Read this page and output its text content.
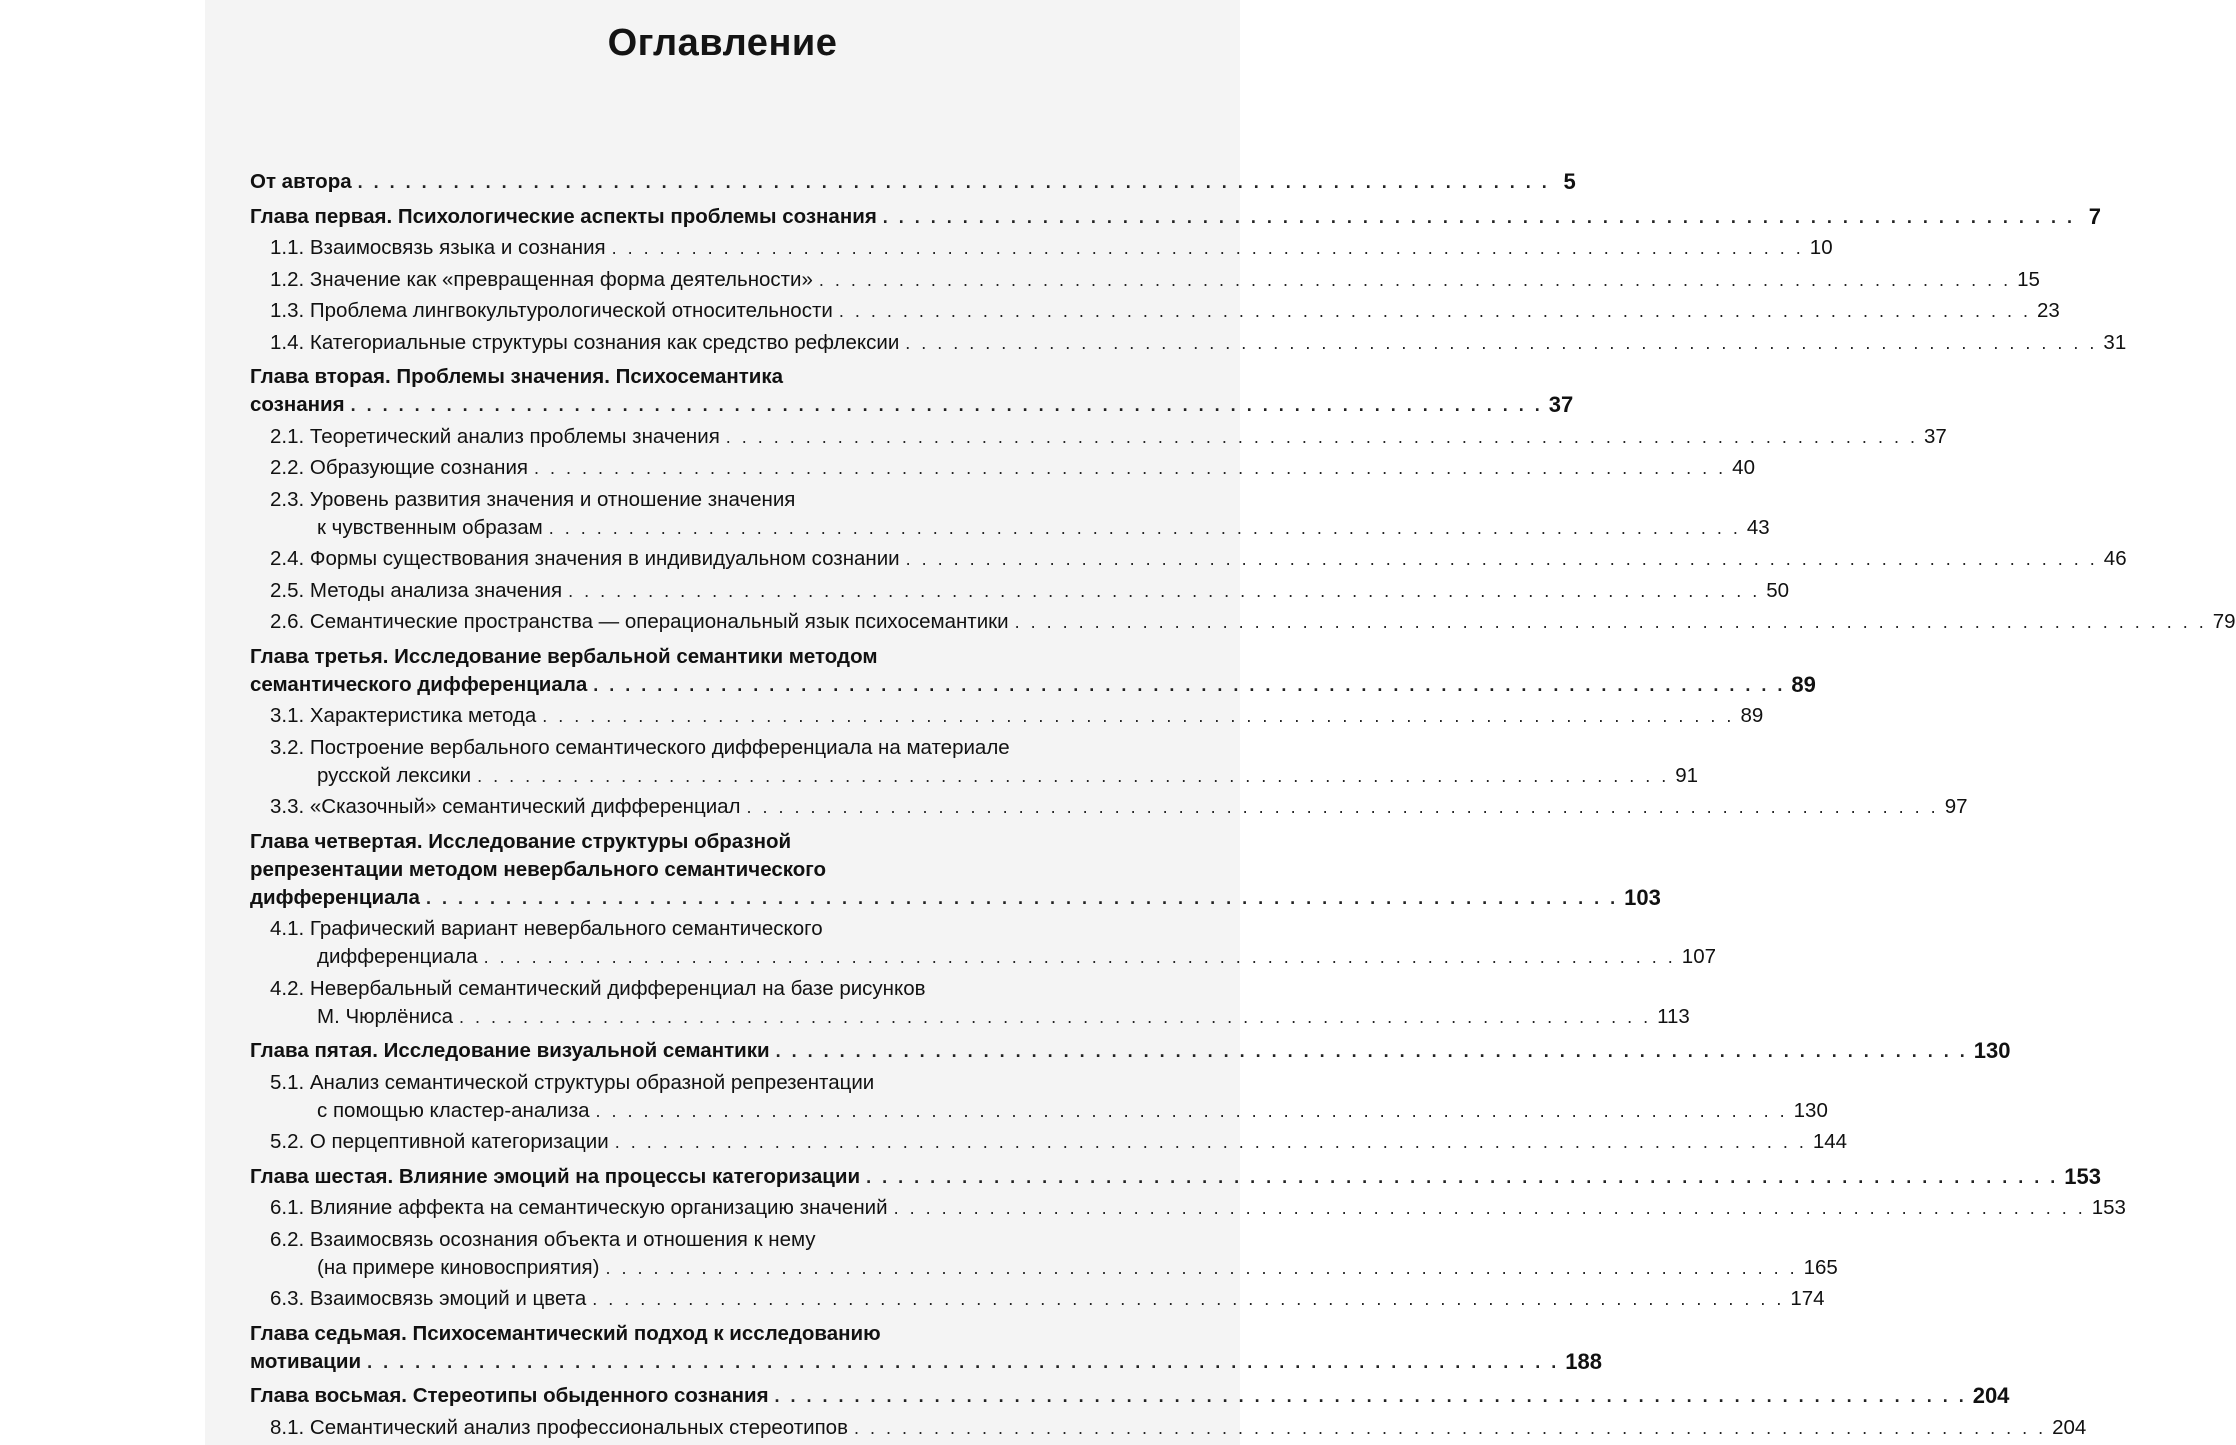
Оглавление
От автора . . . . . . . . . . . . . . . . . . . . . . . . . . . . . . . . . . . . . . . . . . . . . . . . . . . . . . . . . . . . . . . . . . . . . . . . . . . 5
Глава первая. Психологические аспекты проблемы сознания . . . . . . . . . . . . . . . . . . . . . . . . . . . . . . . . . . . . . . . . . . . . . . . . . . . . . . . . . . . . . . . . . . . . . . . . . . . 7
1.1. Взаимосвязь языка и сознания . . . . . . . . . . . . . . . . . . . . . . . . . . . . . . . . . . . . . . . . . . . . . . . . . . . . . . . . . . . . . . . . . . . . . . . . . . . 10
1.2. Значение как «превращенная форма деятельности» . . . . . . . . . . . . . . . . . . . . . . . . . . . . . . . . . . . . . . . . . . . . . . . . . . . . . . . . . . . . . . . . . . . . . . . . . . . 15
1.3. Проблема лингвокультурологической относительности . . . . . . . . . . . . . . . . . . . . . . . . . . . . . . . . . . . . . . . . . . . . . . . . . . . . . . . . . . . . . . . . . . . . . . . . . . . 23
1.4. Категориальные структуры сознания как средство рефлексии . . . . . . . . . . . . . . . . . . . . . . . . . . . . . . . . . . . . . . . . . . . . . . . . . . . . . . . . . . . . . . . . . . . . . . . . . . . 31
Глава вторая. Проблемы значения. Психосемантика
сознания . . . . . . . . . . . . . . . . . . . . . . . . . . . . . . . . . . . . . . . . . . . . . . . . . . . . . . . . . . . . . . . . . . . . . . . . . . . 37
2.1. Теоретический анализ проблемы значения . . . . . . . . . . . . . . . . . . . . . . . . . . . . . . . . . . . . . . . . . . . . . . . . . . . . . . . . . . . . . . . . . . . . . . . . . . . 37
2.2. Образующие сознания . . . . . . . . . . . . . . . . . . . . . . . . . . . . . . . . . . . . . . . . . . . . . . . . . . . . . . . . . . . . . . . . . . . . . . . . . . . 40
2.3. Уровень развития значения и отношение значения
к чувственным образам . . . . . . . . . . . . . . . . . . . . . . . . . . . . . . . . . . . . . . . . . . . . . . . . . . . . . . . . . . . . . . . . . . . . . . . . . . . 43
2.4. Формы существования значения в индивидуальном сознании . . . . . . . . . . . . . . . . . . . . . . . . . . . . . . . . . . . . . . . . . . . . . . . . . . . . . . . . . . . . . . . . . . . . . . . . . . . 46
2.5. Методы анализа значения . . . . . . . . . . . . . . . . . . . . . . . . . . . . . . . . . . . . . . . . . . . . . . . . . . . . . . . . . . . . . . . . . . . . . . . . . . . 50
2.6. Семантические пространства — операциональный язык психосемантики . . . . . . . . . . . . . . . . . . . . . . . . . . . . . . . . . . . . . . . . . . . . . . . . . . . . . . . . . . . . . . . . . . . . . . . . . . . 79
Глава третья. Исследование вербальной семантики методом
семантического дифференциала . . . . . . . . . . . . . . . . . . . . . . . . . . . . . . . . . . . . . . . . . . . . . . . . . . . . . . . . . . . . . . . . . . . . . . . . . . . 89
3.1. Характеристика метода . . . . . . . . . . . . . . . . . . . . . . . . . . . . . . . . . . . . . . . . . . . . . . . . . . . . . . . . . . . . . . . . . . . . . . . . . . . 89
3.2. Построение вербального семантического дифференциала на материале
русской лексики . . . . . . . . . . . . . . . . . . . . . . . . . . . . . . . . . . . . . . . . . . . . . . . . . . . . . . . . . . . . . . . . . . . . . . . . . . . 91
3.3. «Сказочный» семантический дифференциал . . . . . . . . . . . . . . . . . . . . . . . . . . . . . . . . . . . . . . . . . . . . . . . . . . . . . . . . . . . . . . . . . . . . . . . . . . . 97
Глава четвертая. Исследование структуры образной
репрезентации методом невербального семантического
дифференциала . . . . . . . . . . . . . . . . . . . . . . . . . . . . . . . . . . . . . . . . . . . . . . . . . . . . . . . . . . . . . . . . . . . . . . . . . . . 103
4.1. Графический вариант невербального семантического
дифференциала . . . . . . . . . . . . . . . . . . . . . . . . . . . . . . . . . . . . . . . . . . . . . . . . . . . . . . . . . . . . . . . . . . . . . . . . . . . 107
4.2. Невербальный семантический дифференциал на базе рисунков
М. Чюрлёниса . . . . . . . . . . . . . . . . . . . . . . . . . . . . . . . . . . . . . . . . . . . . . . . . . . . . . . . . . . . . . . . . . . . . . . . . . . . 113
Глава пятая. Исследование визуальной семантики . . . . . . . . . . . . . . . . . . . . . . . . . . . . . . . . . . . . . . . . . . . . . . . . . . . . . . . . . . . . . . . . . . . . . . . . . . . 130
5.1. Анализ семантической структуры образной репрезентации
с помощью кластер-анализа . . . . . . . . . . . . . . . . . . . . . . . . . . . . . . . . . . . . . . . . . . . . . . . . . . . . . . . . . . . . . . . . . . . . . . . . . . . 130
5.2. О перцептивной категоризации . . . . . . . . . . . . . . . . . . . . . . . . . . . . . . . . . . . . . . . . . . . . . . . . . . . . . . . . . . . . . . . . . . . . . . . . . . . 144
Глава шестая. Влияние эмоций на процессы категоризации . . . . . . . . . . . . . . . . . . . . . . . . . . . . . . . . . . . . . . . . . . . . . . . . . . . . . . . . . . . . . . . . . . . . . . . . . . . 153
6.1. Влияние аффекта на семантическую организацию значений . . . . . . . . . . . . . . . . . . . . . . . . . . . . . . . . . . . . . . . . . . . . . . . . . . . . . . . . . . . . . . . . . . . . . . . . . . . 153
6.2. Взаимосвязь осознания объекта и отношения к нему
(на примере киновосприятия) . . . . . . . . . . . . . . . . . . . . . . . . . . . . . . . . . . . . . . . . . . . . . . . . . . . . . . . . . . . . . . . . . . . . . . . . . . . 165
6.3. Взаимосвязь эмоций и цвета . . . . . . . . . . . . . . . . . . . . . . . . . . . . . . . . . . . . . . . . . . . . . . . . . . . . . . . . . . . . . . . . . . . . . . . . . . . 174
Глава седьмая. Психосемантический подход к исследованию
мотивации . . . . . . . . . . . . . . . . . . . . . . . . . . . . . . . . . . . . . . . . . . . . . . . . . . . . . . . . . . . . . . . . . . . . . . . . . . . 188
Глава восьмая. Стереотипы обыденного сознания . . . . . . . . . . . . . . . . . . . . . . . . . . . . . . . . . . . . . . . . . . . . . . . . . . . . . . . . . . . . . . . . . . . . . . . . . . . 204
8.1. Семантический анализ профессиональных стереотипов . . . . . . . . . . . . . . . . . . . . . . . . . . . . . . . . . . . . . . . . . . . . . . . . . . . . . . . . . . . . . . . . . . . . . . . . . . . 204
